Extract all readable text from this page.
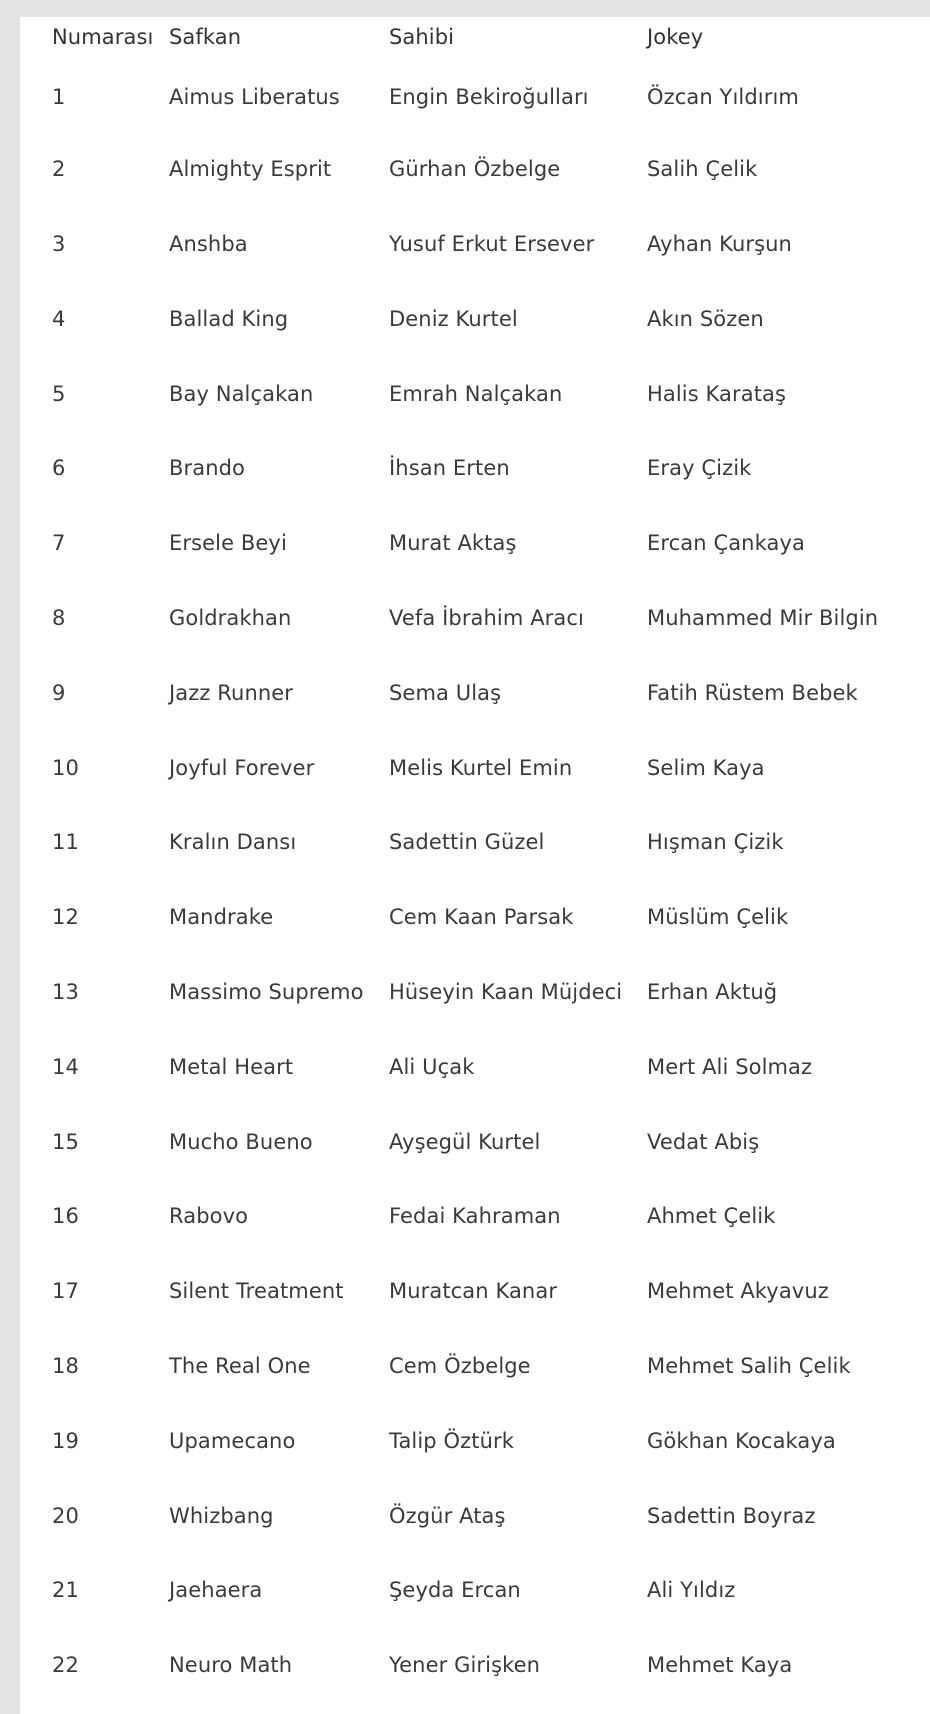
Numarası	Safkan	Sahibi	Jokey
1	Aimus Liberatus	Engin Bekiroğulları	Özcan Yıldırım
2	Almighty Esprit	Gürhan Özbelge	Salih Çelik
3	Anshba	Yusuf Erkut Ersever	Ayhan Kurşun
4	Ballad King	Deniz Kurtel	Akın Sözen
5	Bay Nalçakan	Emrah Nalçakan	Halis Karataş
6	Brando	İhsan Erten	Eray Çizik
7	Ersele Beyi	Murat Aktaş	Ercan Çankaya
8	Goldrakhan	Vefa İbrahim Aracı	Muhammed Mir Bilgin
9	Jazz Runner	Sema Ulaş	Fatih Rüstem Bebek
10	Joyful Forever	Melis Kurtel Emin	Selim Kaya
11	Kralın Dansı	Sadettin Güzel	Hışman Çizik
12	Mandrake	Cem Kaan Parsak	Müslüm Çelik
13	Massimo Supremo	Hüseyin Kaan Müjdeci	Erhan Aktuğ
14	Metal Heart	Ali Uçak	Mert Ali Solmaz
15	Mucho Bueno	Ayşegül Kurtel	Vedat Abiş
16	Rabovo	Fedai Kahraman	Ahmet Çelik
17	Silent Treatment	Muratcan Kanar	Mehmet Akyavuz
18	The Real One	Cem Özbelge	Mehmet Salih Çelik
19	Upamecano	Talip Öztürk	Gökhan Kocakaya
20	Whizbang	Özgür Ataş	Sadettin Boyraz
21	Jaehaera	Şeyda Ercan	Ali Yıldız
22	Neuro Math	Yener Girişken	Mehmet Kaya
